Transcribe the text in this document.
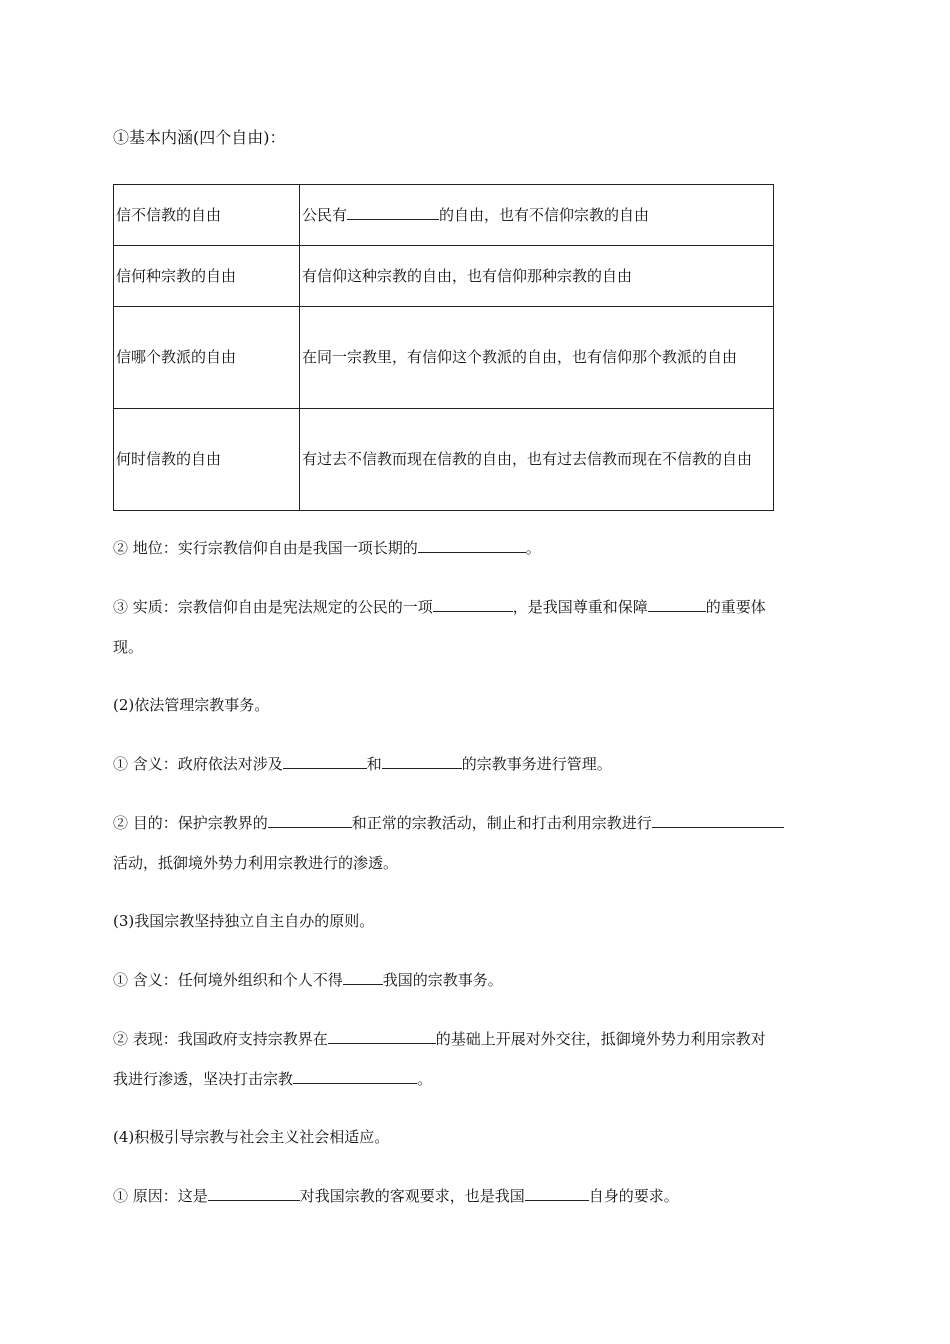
①基本内涵(四个自由)：
信不信教的自由	公民有 的自由，也有不信仰宗教的自由
信何种宗教的自由	有信仰这种宗教的自由，也有信仰那种宗教的自由
信哪个教派的自由	在同一宗教里，有信仰这个教派的自由，也有信仰那个教派的自由
何时信教的自由	有过去不信教而现在信教的自由，也有过去信教而现在不信教的自由
② 地位：实行宗教信仰自由是我国一项长期的	。
③ 实质：宗教信仰自由是宪法规定的公民的一项	，是我国尊重和保障	的重要体
现。
(2)依法管理宗教事务。
① 含义：政府依法对涉及	和	的宗教事务进行管理。
② 目的：保护宗教界的	和正常的宗教活动，制止和打击利用宗教进行
活动，抵御境外势力利用宗教进行的渗透。
(3)我国宗教坚持独立自主自办的原则。
① 含义：任何境外组织和个人不得	我国的宗教事务。
② 表现：我国政府支持宗教界在	的基础上开展对外交往，抵御境外势力利用宗教对
我进行渗透，坚决打击宗教	。
(4)积极引导宗教与社会主义社会相适应。
① 原因：这是	对我国宗教的客观要求，也是我国	自身的要求。
